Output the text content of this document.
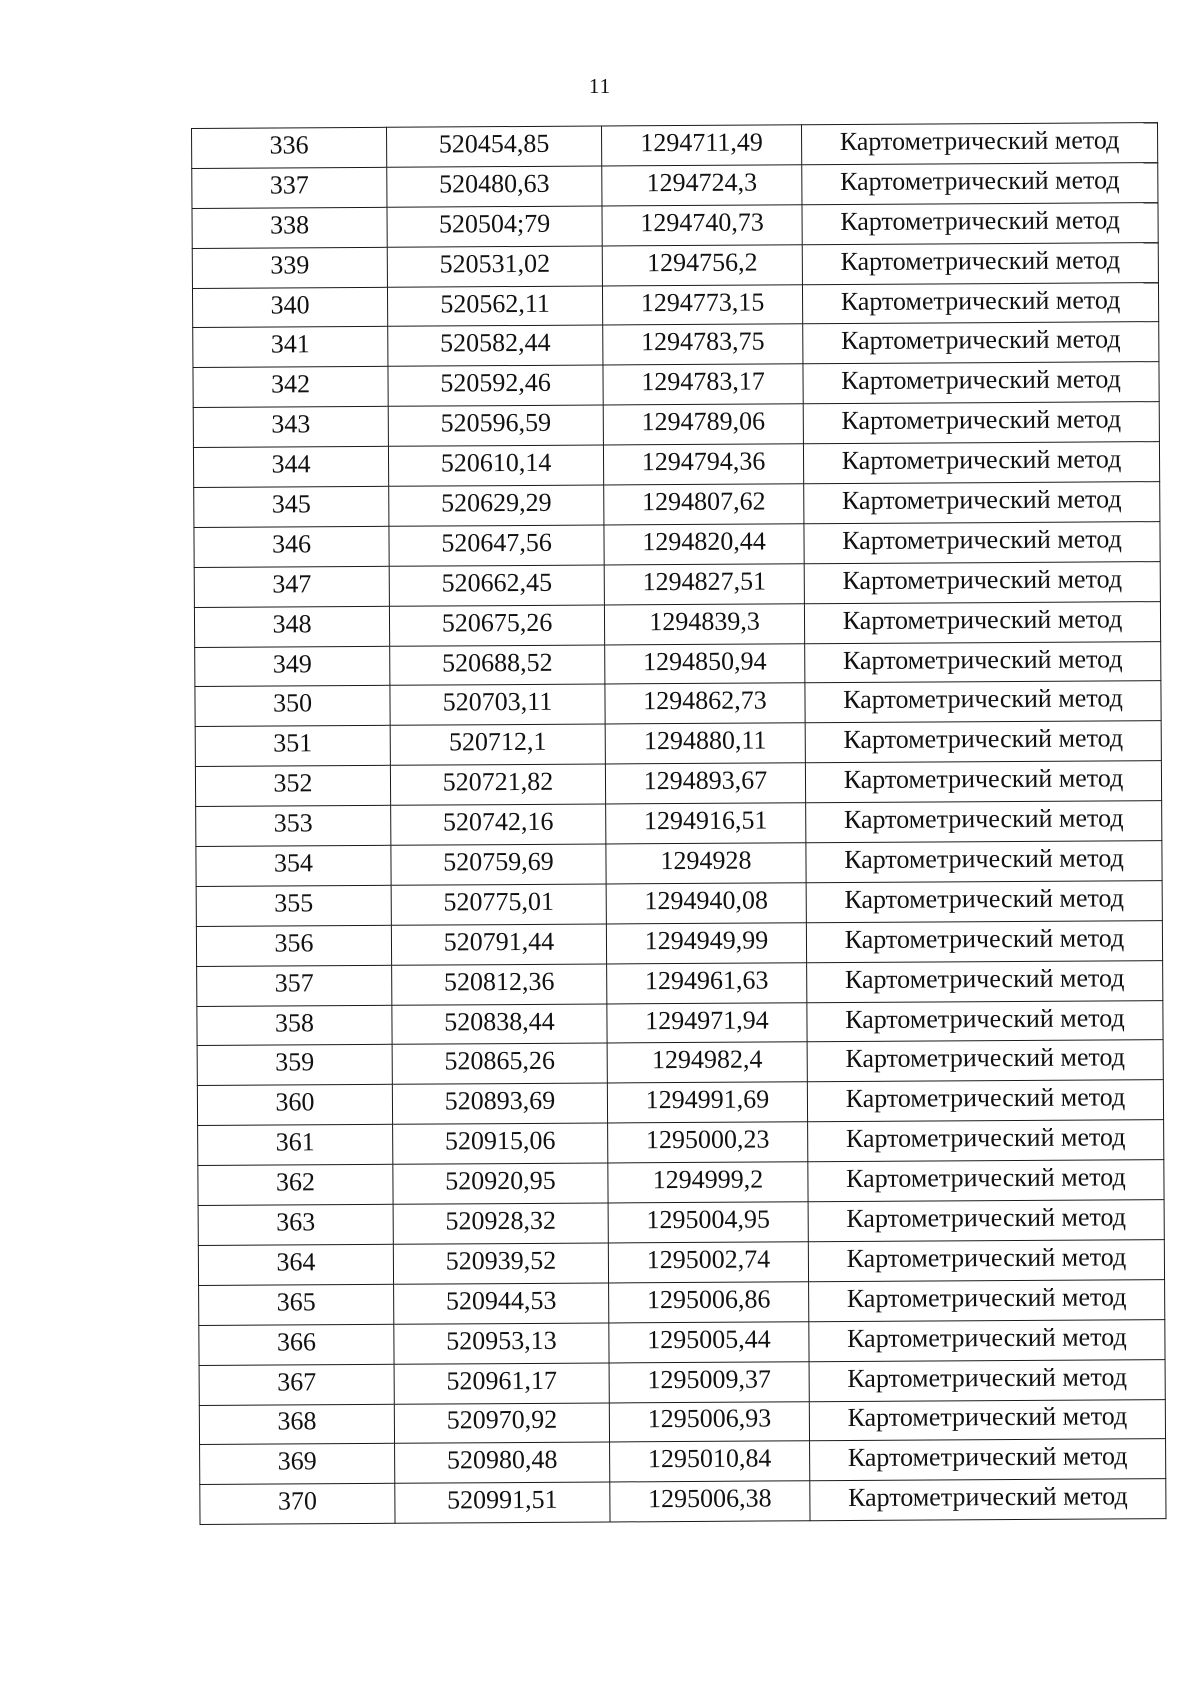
11
336	520454,85	1294711,49	Картометрический метод
337	520480,63	1294724,3	Картометрический метод
338	520504;79	1294740,73	Картометрический метод
339	520531,02	1294756,2	Картометрический метод
340	520562,11	1294773,15	Картометрический метод
341	520582,44	1294783,75	Картометрический метод
342	520592,46	1294783,17	Картометрический метод
343	520596,59	1294789,06	Картометрический метод
344	520610,14	1294794,36	Картометрический метод
345	520629,29	1294807,62	Картометрический метод
346	520647,56	1294820,44	Картометрический метод
347	520662,45	1294827,51	Картометрический метод
348	520675,26	1294839,3	Картометрический метод
349	520688,52	1294850,94	Картометрический метод
350	520703,11	1294862,73	Картометрический метод
351	520712,1	1294880,11	Картометрический метод
352	520721,82	1294893,67	Картометрический метод
353	520742,16	1294916,51	Картометрический метод
354	520759,69	1294928	Картометрический метод
355	520775,01	1294940,08	Картометрический метод
356	520791,44	1294949,99	Картометрический метод
357	520812,36	1294961,63	Картометрический метод
358	520838,44	1294971,94	Картометрический метод
359	520865,26	1294982,4	Картометрический метод
360	520893,69	1294991,69	Картометрический метод
361	520915,06	1295000,23	Картометрический метод
362	520920,95	1294999,2	Картометрический метод
363	520928,32	1295004,95	Картометрический метод
364	520939,52	1295002,74	Картометрический метод
365	520944,53	1295006,86	Картометрический метод
366	520953,13	1295005,44	Картометрический метод
367	520961,17	1295009,37	Картометрический метод
368	520970,92	1295006,93	Картометрический метод
369	520980,48	1295010,84	Картометрический метод
370	520991,51	1295006,38	Картометрический метод
